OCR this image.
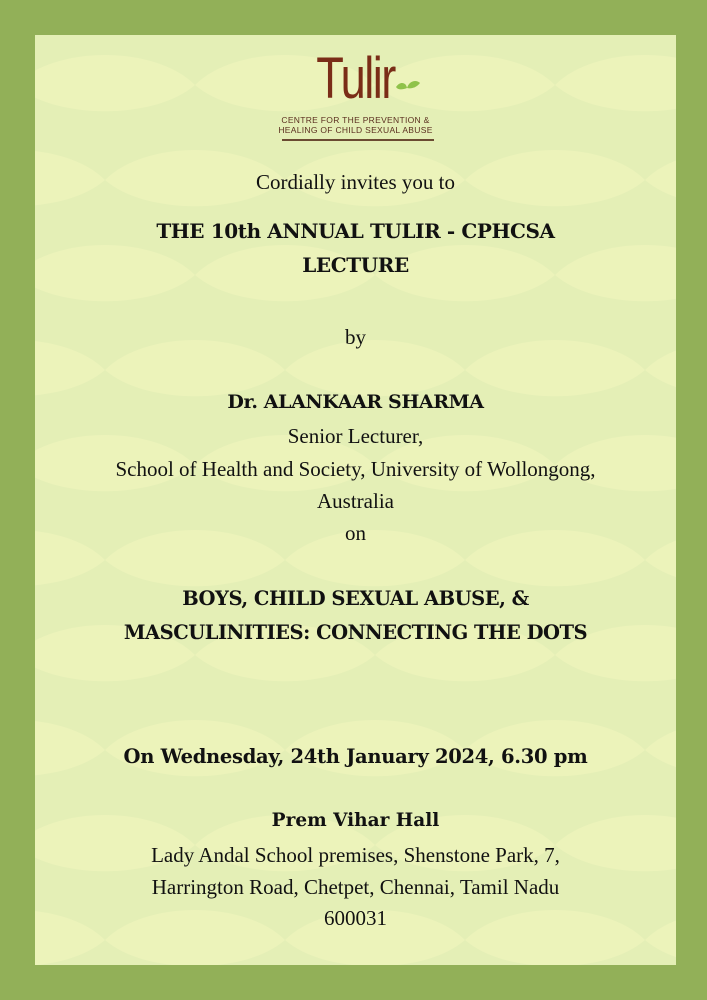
Tulir
CENTRE FOR THE PREVENTION &
HEALING OF CHILD SEXUAL ABUSE
Cordially invites you to
THE 10th ANNUAL TULIR - CPHCSA
LECTURE
by
Dr. ALANKAAR SHARMA
Senior Lecturer,
School of Health and Society, University of Wollongong,
Australia
on
BOYS, CHILD SEXUAL ABUSE, &
MASCULINITIES: CONNECTING THE DOTS
On Wednesday, 24th January 2024, 6.30 pm
Prem Vihar Hall
Lady Andal School premises, Shenstone Park, 7,
Harrington Road, Chetpet, Chennai, Tamil Nadu
600031
